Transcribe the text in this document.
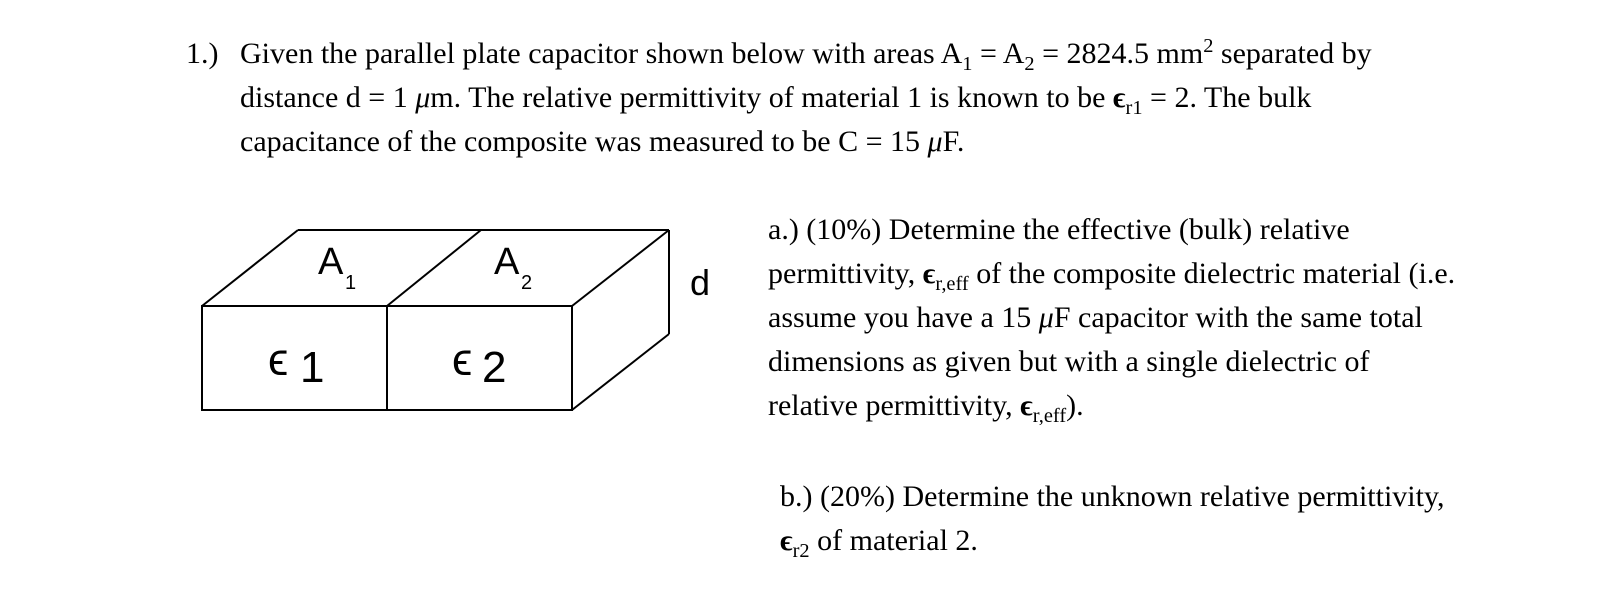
1.) Given the parallel plate capacitor shown below with areas $A_1 = A_2 = 2824.5$ $mm^2$ separated by
distance d = 1 μm. The relative permittivity of material 1 is known to be $\epsilon_{r1} = 2$. The bulk
capacitance of the composite was measured to be C = 15 μF.
A 1	A 2	d
ϵ 1	ϵ 2
a.) (10%) Determine the effective (bulk) relative
permittivity, $\epsilon_{r,eff}$ of the composite dielectric material (i.e.
assume you have a 15 μF capacitor with the same total
dimensions as given but with a single dielectric of
relative permittivity, $\epsilon_{r,eff}$).
b.) (20%) Determine the unknown relative permittivity,
$\epsilon_{r2}$ of material 2.
